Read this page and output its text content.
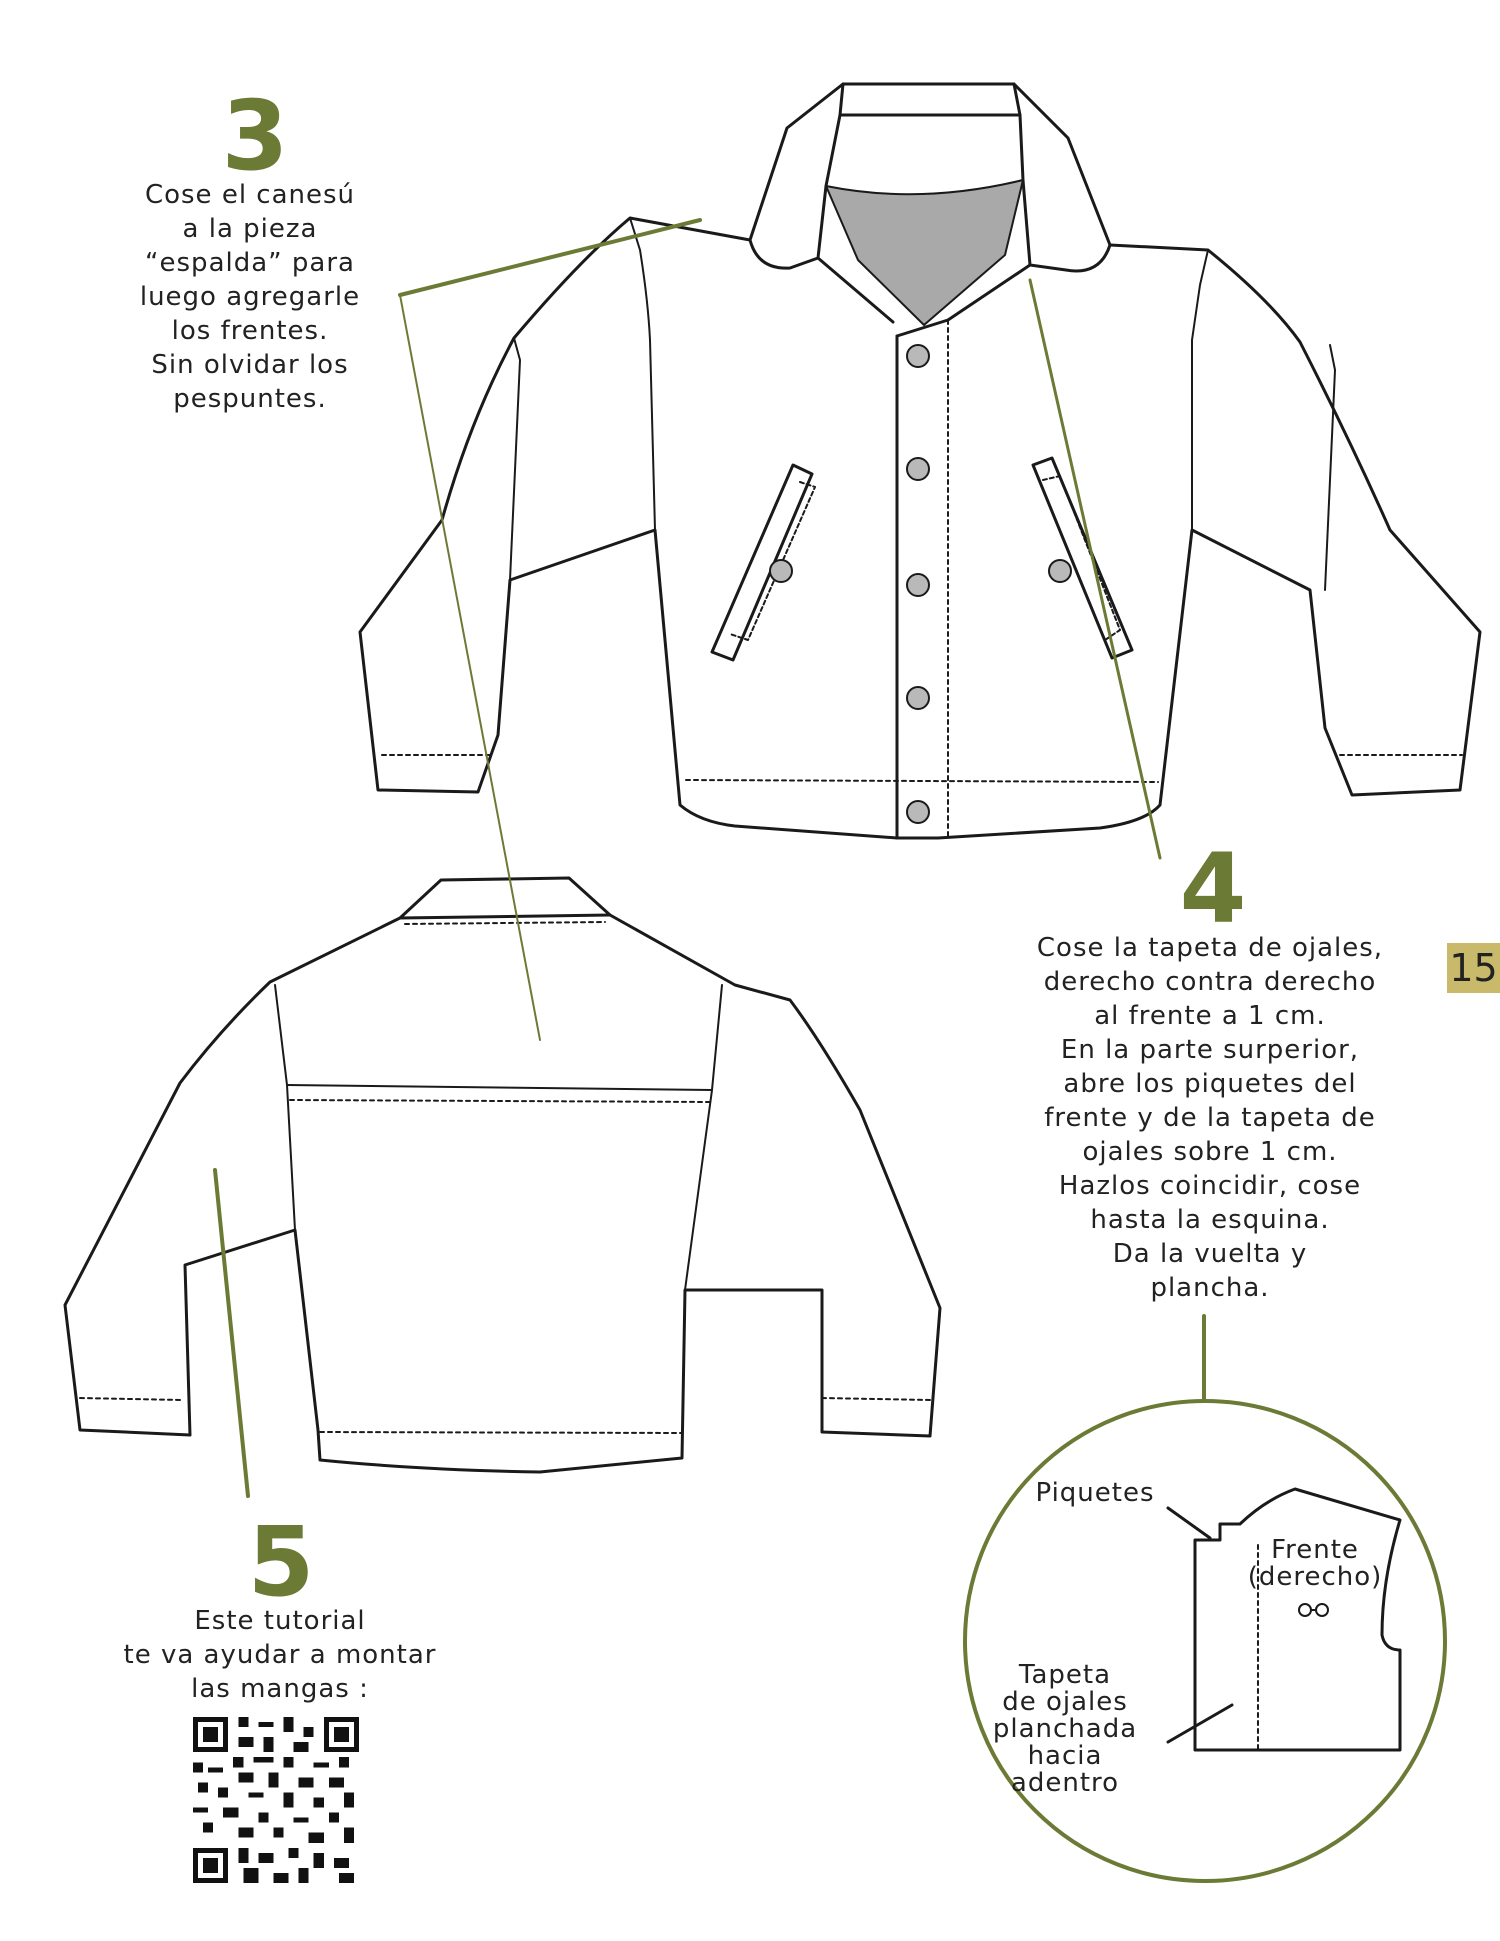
3
Cose el canesú
a la pieza
“espalda” para
luego agregarle
los frentes.
Sin olvidar los
pespuntes.
4
Cose la tapeta de ojales,
derecho contra derecho
al frente a 1 cm.
En la parte surperior,
abre los piquetes del
frente y de la tapeta de
ojales sobre 1 cm.
Hazlos coincidir, cose
hasta la esquina.
Da la vuelta y
plancha.
15
5
Este tutorial
te va ayudar a montar
las mangas :
Piquetes
Frente
(derecho)
Tapeta
de ojales
planchada
hacia
adentro
